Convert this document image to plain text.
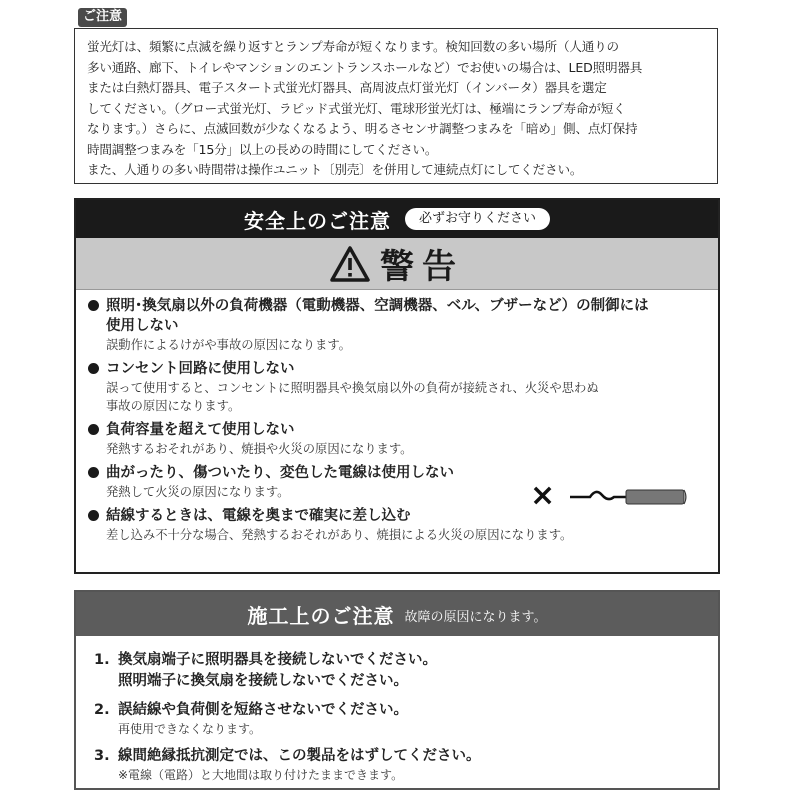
ご注意
蛍光灯は、頻繁に点滅を繰り返すとランプ寿命が短くなります。検知回数の多い場所（人通りの
多い通路、廊下、トイレやマンションのエントランスホールなど）でお使いの場合は、LED照明器具
または白熱灯器具、電子スタート式蛍光灯器具、高周波点灯蛍光灯（インバータ）器具を選定
してください。（グロー式蛍光灯、ラピッド式蛍光灯、電球形蛍光灯は、極端にランプ寿命が短く
なります。）さらに、点滅回数が少なくなるよう、明るさセンサ調整つまみを「暗め」側、点灯保持
時間調整つまみを「15分」以上の長めの時間にしてください。
また、人通りの多い時間帯は操作ユニット〔別売〕を併用して連続点灯にしてください。
安全上のご注意	必ずお守りください
警告
照明･換気扇以外の負荷機器（電動機器、空調機器、ベル、ブザーなど）の制御には
使用しない
誤動作によるけがや事故の原因になります。
コンセント回路に使用しない
誤って使用すると、コンセントに照明器具や換気扇以外の負荷が接続され、火災や思わぬ
事故の原因になります。
負荷容量を超えて使用しない
発熱するおそれがあり、焼損や火災の原因になります。
曲がったり、傷ついたり、変色した電線は使用しない
発熱して火災の原因になります。
結線するときは、電線を奥まで確実に差し込む
差し込み不十分な場合、発熱するおそれがあり、焼損による火災の原因になります。
×
施工上のご注意 故障の原因になります。
1. 換気扇端子に照明器具を接続しないでください。
照明端子に換気扇を接続しないでください。
2. 誤結線や負荷側を短絡させないでください。
再使用できなくなります。
3. 線間絶縁抵抗測定では、この製品をはずしてください。
※電線（電路）と大地間は取り付けたままできます。
